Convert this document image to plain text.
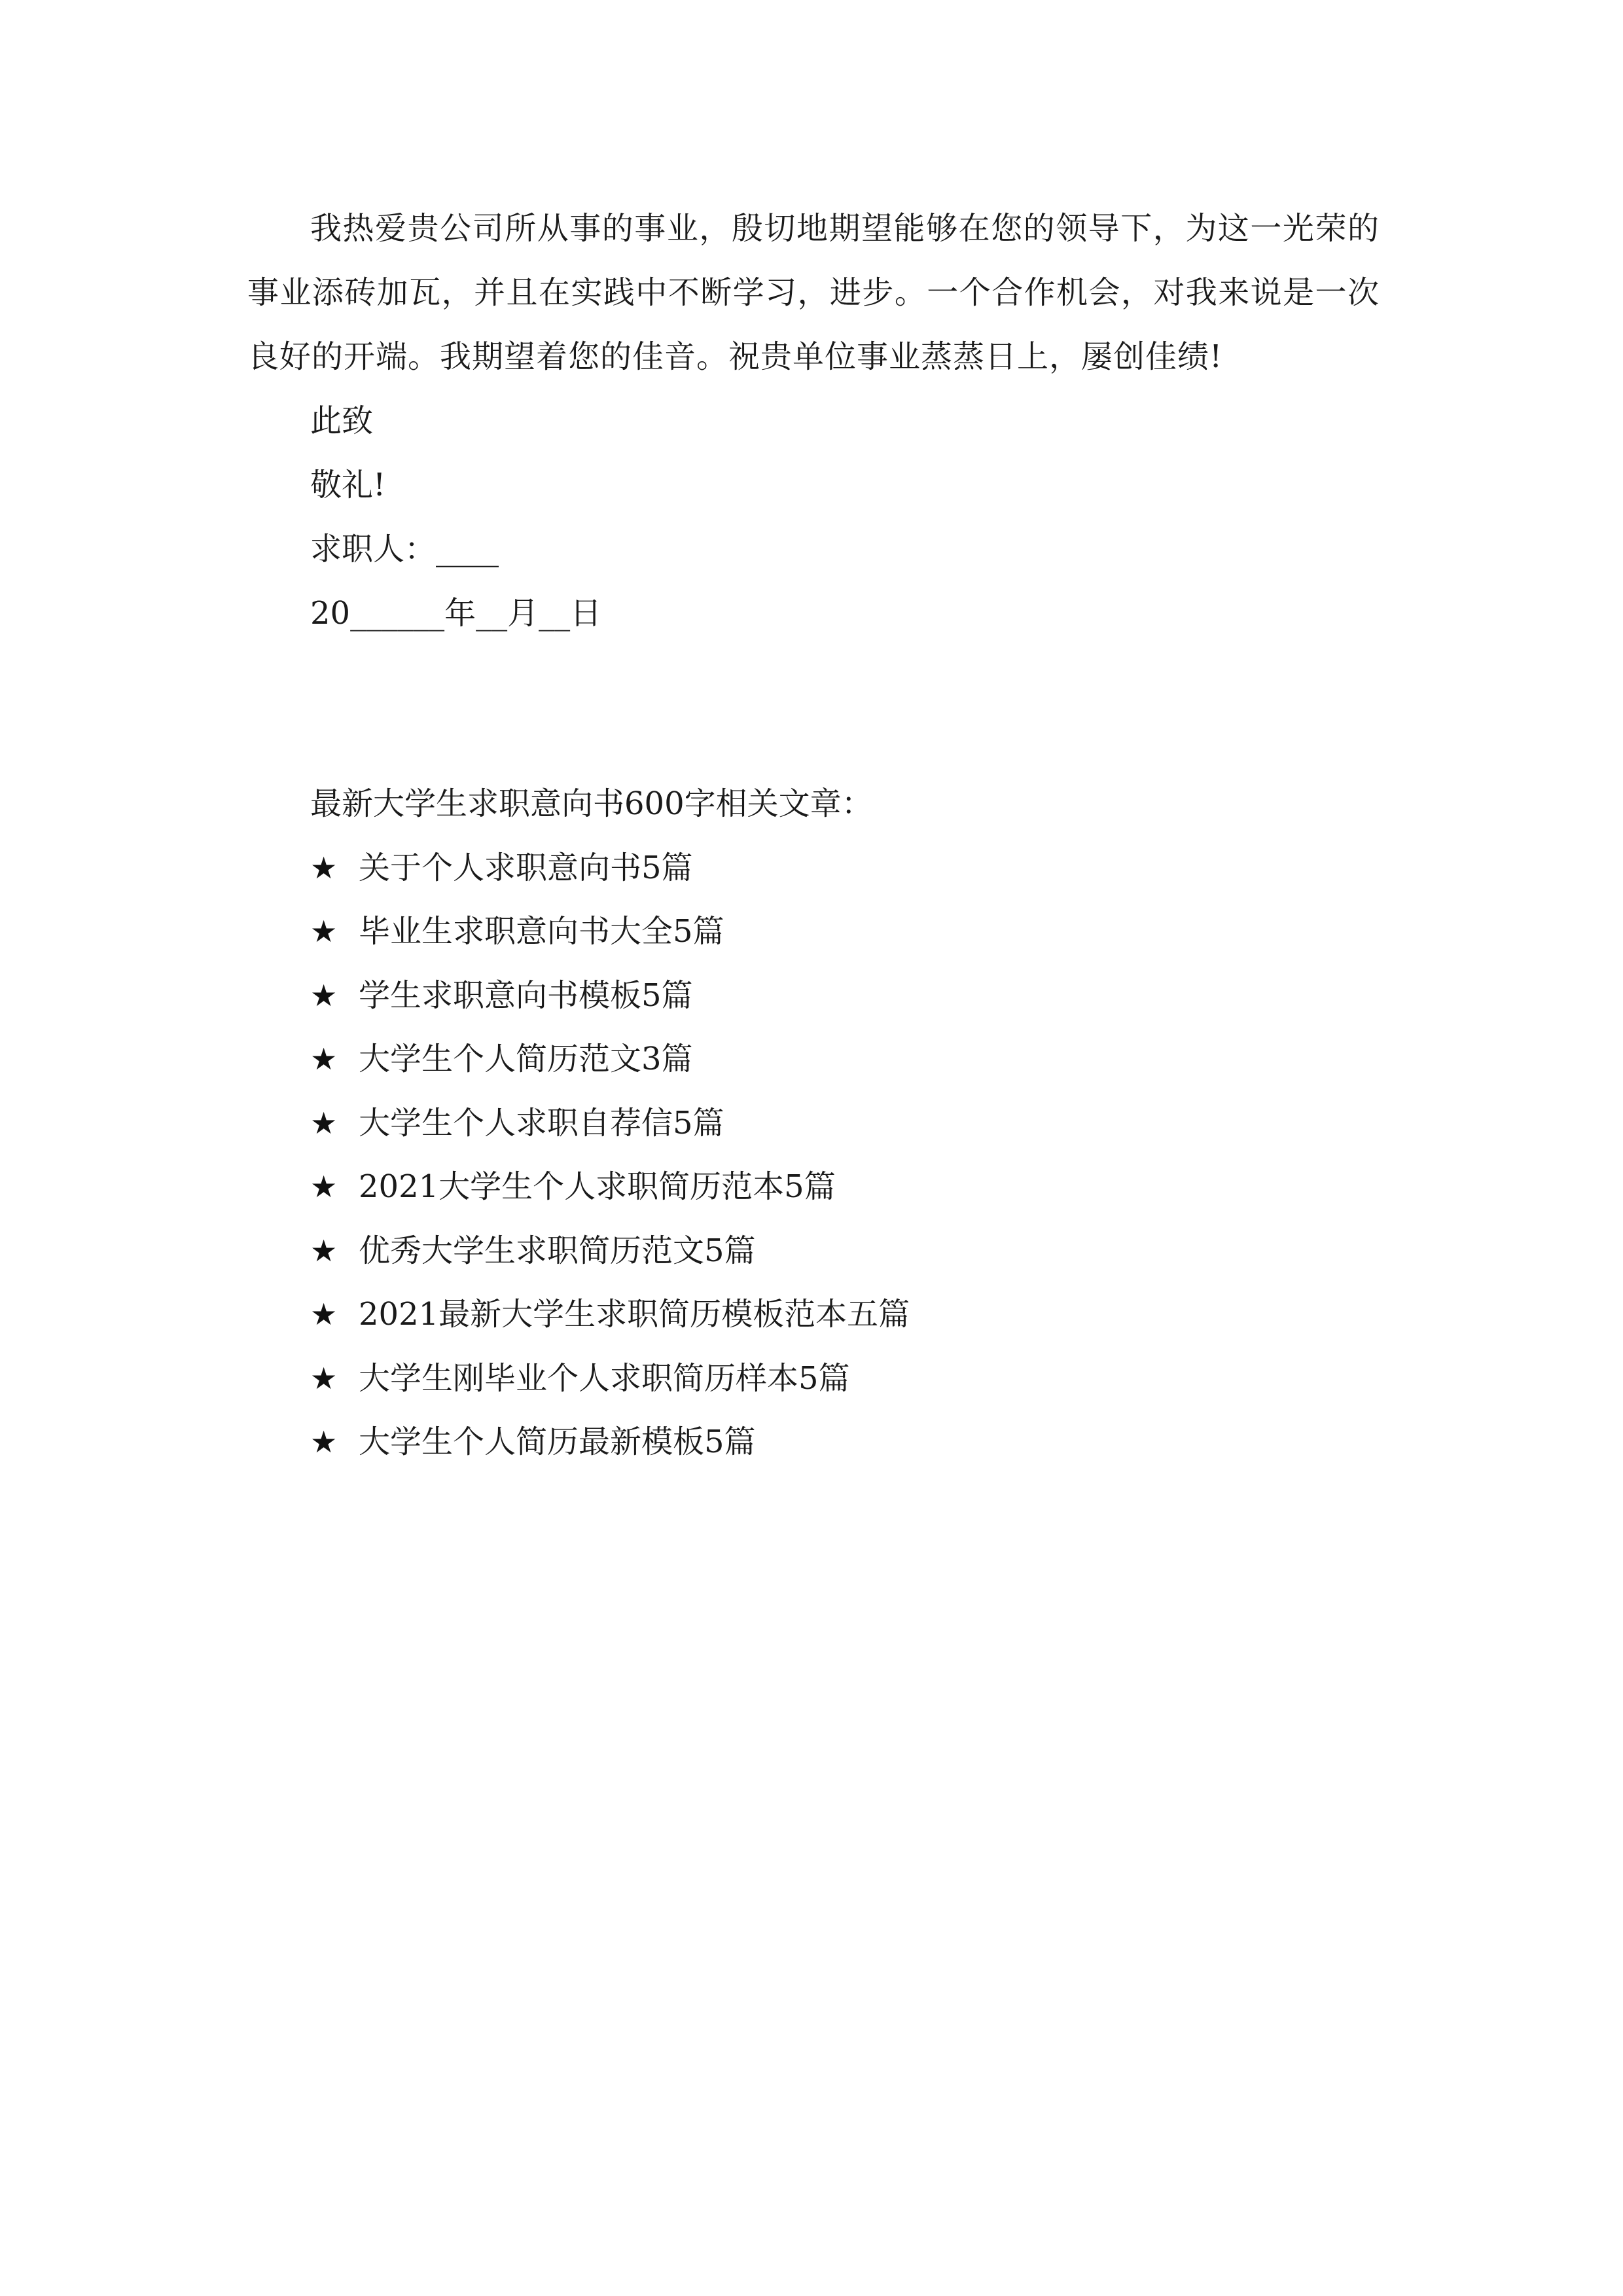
我热爱贵公司所从事的事业，殷切地期望能够在您的领导下，为这一光荣的事业添砖加瓦，并且在实践中不断学习，进步。一个合作机会，对我来说是一次良好的开端。我期望着您的佳音。祝贵单位事业蒸蒸日上，屡创佳绩!

此致

敬礼!

求职人：____

20______年__月__日

最新大学生求职意向书600字相关文章：

★ 关于个人求职意向书5篇
★ 毕业生求职意向书大全5篇
★ 学生求职意向书模板5篇
★ 大学生个人简历范文3篇
★ 大学生个人求职自荐信5篇
★ 2021大学生个人求职简历范本5篇
★ 优秀大学生求职简历范文5篇
★ 2021最新大学生求职简历模板范本五篇
★ 大学生刚毕业个人求职简历样本5篇
★ 大学生个人简历最新模板5篇
